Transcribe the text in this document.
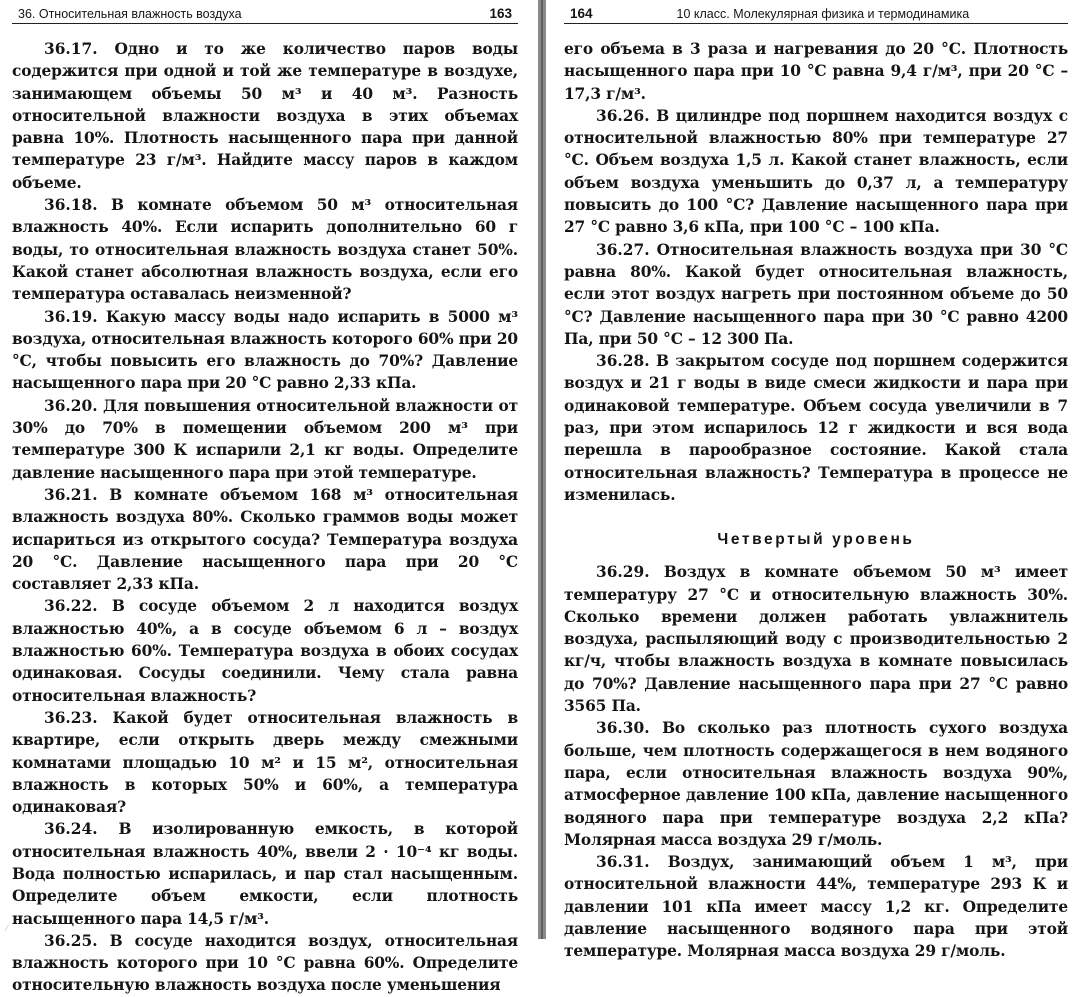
36. Относительная влажность воздуха	163

36.17. Одно и то же количество паров воды содержится при одной и той же температуре в воздухе, занимающем объемы 50 м³ и 40 м³. Разность относительной влажности воздуха в этих объемах равна 10%. Плотность насыщенного пара при данной температуре 23 г/м³. Найдите массу паров в каждом объеме.

36.18. В комнате объемом 50 м³ относительная влажность 40%. Если испарить дополнительно 60 г воды, то относительная влажность воздуха станет 50%. Какой станет абсолютная влажность воздуха, если его температура оставалась неизменной?

36.19. Какую массу воды надо испарить в 5000 м³ воздуха, относительная влажность которого 60% при 20 °С, чтобы повысить его влажность до 70%? Давление насыщенного пара при 20 °С равно 2,33 кПа.

36.20. Для повышения относительной влажности от 30% до 70% в помещении объемом 200 м³ при температуре 300 К испарили 2,1 кг воды. Определите давление насыщенного пара при этой температуре.

36.21. В комнате объемом 168 м³ относительная влажность воздуха 80%. Сколько граммов воды может испариться из открытого сосуда? Температура воздуха 20 °С. Давление насыщенного пара при 20 °С составляет 2,33 кПа.

36.22. В сосуде объемом 2 л находится воздух влажностью 40%, а в сосуде объемом 6 л – воздух влажностью 60%. Температура воздуха в обоих сосудах одинаковая. Сосуды соединили. Чему стала равна относительная влажность?

36.23. Какой будет относительная влажность в квартире, если открыть дверь между смежными комнатами площадью 10 м² и 15 м², относительная влажность в которых 50% и 60%, а температура одинаковая?

36.24. В изолированную емкость, в которой относительная влажность 40%, ввели 2 · 10⁻⁴ кг воды. Вода полностью испарилась, и пар стал насыщенным. Определите объем емкости, если плотность насыщенного пара 14,5 г/м³.

36.25. В сосуде находится воздух, относительная влажность которого при 10 °С равна 60%. Определите относительную влажность воздуха после уменьшения

⁄
164	10 класс. Молекулярная физика и термодинамика

его объема в 3 раза и нагревания до 20 °С. Плотность насыщенного пара при 10 °С равна 9,4 г/м³, при 20 °С – 17,3 г/м³.

36.26. В цилиндре под поршнем находится воздух с относительной влажностью 80% при температуре 27 °С. Объем воздуха 1,5 л. Какой станет влажность, если объем воздуха уменьшить до 0,37 л, а температуру повысить до 100 °С? Давление насыщенного пара при 27 °С равно 3,6 кПа, при 100 °С – 100 кПа.

36.27. Относительная влажность воздуха при 30 °С равна 80%. Какой будет относительная влажность, если этот воздух нагреть при постоянном объеме до 50 °С? Давление насыщенного пара при 30 °С равно 4200 Па, при 50 °С – 12 300 Па.

36.28. В закрытом сосуде под поршнем содержится воздух и 21 г воды в виде смеси жидкости и пара при одинаковой температуре. Объем сосуда увеличили в 7 раз, при этом испарилось 12 г жидкости и вся вода перешла в парообразное состояние. Какой стала относительная влажность? Температура в процессе не изменилась.

Четвертый уровень

36.29. Воздух в комнате объемом 50 м³ имеет температуру 27 °С и относительную влажность 30%. Сколько времени должен работать увлажнитель воздуха, распыляющий воду с производительностью 2 кг/ч, чтобы влажность воздуха в комнате повысилась до 70%? Давление насыщенного пара при 27 °С равно 3565 Па.

36.30. Во сколько раз плотность сухого воздуха больше, чем плотность содержащегося в нем водяного пара, если относительная влажность воздуха 90%, атмосферное давление 100 кПа, давление насыщенного водяного пара при температуре воздуха 2,2 кПа? Молярная масса воздуха 29 г/моль.

36.31. Воздух, занимающий объем 1 м³, при относительной влажности 44%, температуре 293 К и давлении 101 кПа имеет массу 1,2 кг. Определите давление насыщенного водяного пара при этой температуре. Молярная масса воздуха 29 г/моль.
